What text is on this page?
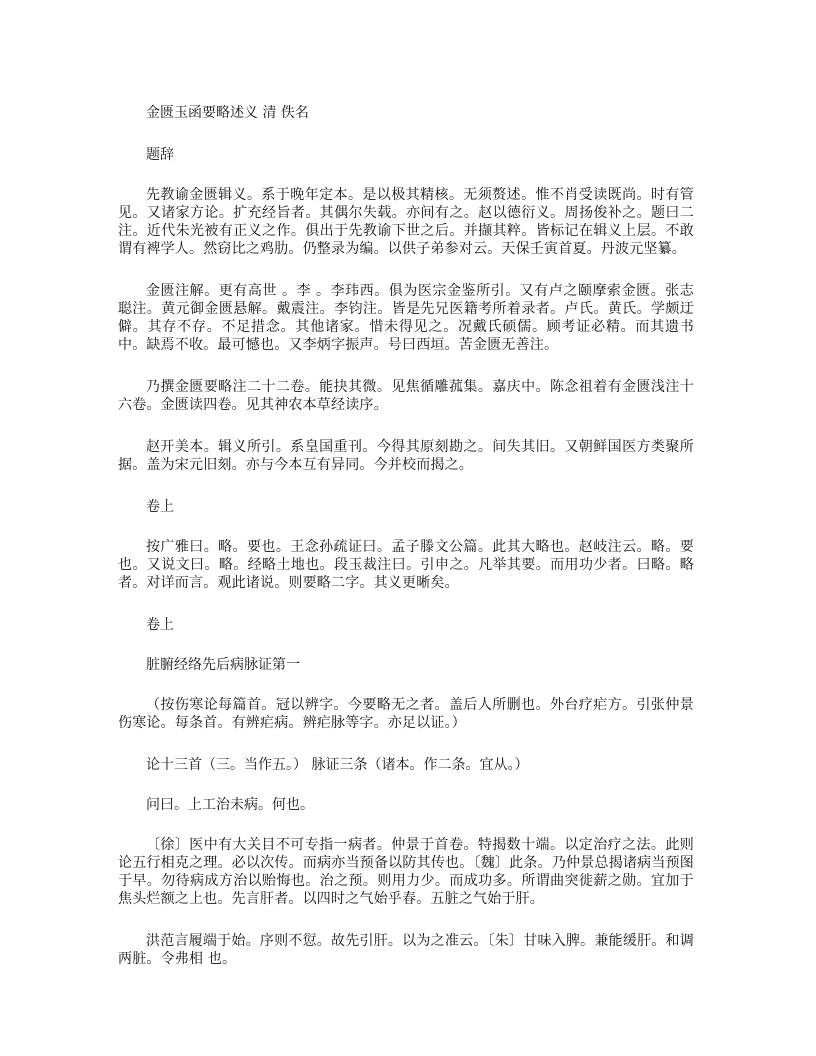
金匮玉函要略述义 清 佚名

题辞

先教谕金匮辑义。系于晚年定本。是以极其精核。无须赘述。惟不肖受读既尚。时有管见。又诸家方论。扩充经旨者。其偶尔失载。亦间有之。赵以德衍义。周扬俊补之。题曰二注。近代朱光被有正义之作。俱出于先教谕下世之后。并撷其粹。皆标记在辑义上层。不敢谓有裨学人。然窃比之鸡肋。仍整录为编。以供子弟参对云。天保壬寅首夏。丹波元坚纂。

金匮注解。更有高世 。李 。李玮西。俱为医宗金鉴所引。又有卢之颐摩索金匮。张志聪注。黄元御金匮悬解。戴震注。李钧注。皆是先兄医籍考所着录者。卢氏。黄氏。学颇迂僻。其存不存。不足措念。其他诸家。惜未得见之。况戴氏硕儒。顾考证必精。而其遗书中。缺焉不收。最可憾也。又李炳字振声。号曰西垣。苦金匮无善注。

乃撰金匮要略注二十二卷。能抉其微。见焦循雕菰集。嘉庆中。陈念祖着有金匮浅注十六卷。金匮读四卷。见其神农本草经读序。

赵开美本。辑义所引。系皇国重刊。今得其原刻勘之。间失其旧。又朝鲜国医方类聚所据。盖为宋元旧刻。亦与今本互有异同。今并校而揭之。

卷上

按广雅曰。略。要也。王念孙疏证曰。孟子滕文公篇。此其大略也。赵岐注云。略。要也。又说文曰。略。经略土地也。段玉裁注曰。引申之。凡举其要。而用功少者。曰略。略者。对详而言。观此诸说。则要略二字。其义更晰矣。

卷上

脏腑经络先后病脉证第一

（按伤寒论每篇首。冠以辨字。今要略无之者。盖后人所删也。外台疗疟方。引张仲景伤寒论。每条首。有辨疟病。辨疟脉等字。亦足以证。）

论十三首（三。当作五。） 脉证三条（诸本。作二条。宜从。）

问曰。上工治未病。何也。

〔徐〕医中有大关目不可专指一病者。仲景于首卷。特揭数十端。以定治疗之法。此则论五行相克之理。必以次传。而病亦当预备以防其传也。〔魏〕此条。乃仲景总揭诸病当预图于早。勿待病成方治以贻悔也。治之预。则用力少。而成功多。所谓曲突徙薪之勋。宜加于焦头烂额之上也。先言肝者。以四时之气始乎春。五脏之气始于肝。

洪范言履端于始。序则不愆。故先引肝。以为之准云。〔朱〕甘味入脾。兼能缓肝。和调两脏。令弗相 也。
